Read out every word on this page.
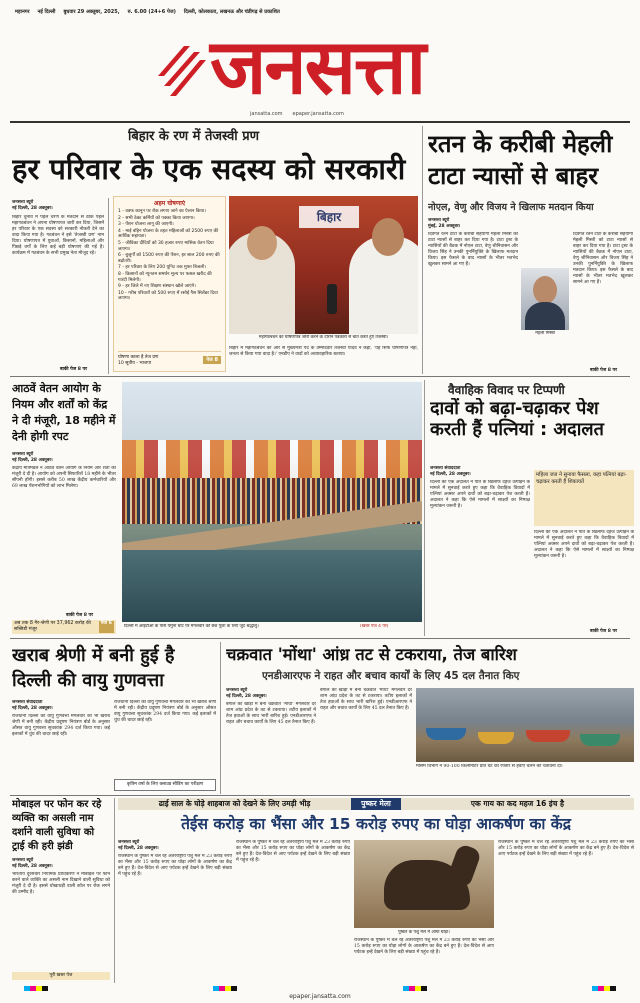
महानगर नई दिल्ली बुधवार 29 अक्तूबर, 2025, रु. 6.00 (24+6 पेज) दिल्ली, कोलकाता, लखनऊ और चंडीगढ़ से प्रकाशित
जनसत्ता
jansatta.com epaper.jansatta.com
बिहार के रण में तेजस्वी प्रण
हर परिवार के एक सदस्य को सरकारी
जनसत्ता ब्यूरो
नई दिल्ली, 28 अक्तूबर।

बिहार चुनाव में पहले चरण के मतदान से ठीक पहले महागठबंधन ने अपना घोषणापत्र जारी कर दिया, जिसमें हर परिवार के एक सदस्य को सरकारी नौकरी देने का वादा किया गया है। गठबंधन ने इसे 'तेजस्वी प्रण' नाम दिया। घोषणापत्र में युवाओं, किसानों, महिलाओं और पिछड़े वर्गों के लिए कई बड़ी घोषणाएं की गई हैं। कार्यक्रम में गठबंधन के सभी प्रमुख नेता मौजूद रहे।

बाकी पेज 8 पर
अहम घोषणाएं
1 - वक्फ कानून पर रोक लगाए जाने का ऐलान किया।
2 - सभी ठेका कर्मियों को पक्का किया जाएगा।
3 - पेंशन योजना लागू की जाएगी।
4 - माई बहिन योजना के तहत महिलाओं को 2500 रुपए की आर्थिक सहायता।
5 - जीविका दीदियों को 30 हजार रुपए मासिक वेतन दिया जाएगा।
6 - बुजुर्गों को 1500 रुपए की पेंशन, हर साल 200 रुपए की बढ़ोतरी।
7 - हर परिवार के लिए 200 यूनिट तक मुफ्त बिजली।
8 - किसानों को न्यूनतम समर्थन मूल्य पर फसल खरीद की गारंटी मिलेगी।
9 - हर जिले में नए शिक्षण संस्थान खोले जाएंगे।
10 - गरीब परिवारों को 500 रुपए में रसोई गैस सिलेंडर दिया जाएगा।
घोषणा काला है तेज प्रण
10 सूत्रीय - भाजपा
पेज 8
बिहार
महागठबंधन का घोषणापत्र जारी करने के दौरान पत्रकारों से बात करते हुए तेजस्वी।
बिहार में महागठबंधन की ओर से मुख्यमंत्री पद के उम्मीदवार तेजस्वी यादव ने कहा, 'यह सिर्फ घोषणापत्र नहीं, जनता से किया गया वादा है।' एनडीए ने वादों को अव्यावहारिक बताया।
रतन के करीबी मेहली टाटा न्यासों से बाहर
नोएल, वेणु और विजय ने खिलाफ मतदान किया
जनसत्ता ब्यूरो
मुंबई, 28 अक्तूबर।

दिवंगत रतन टाटा के करीबी सहयोगी मेहली मिस्त्री को टाटा न्यासों से बाहर कर दिया गया है। टाटा ट्रस्ट के न्यासियों की बैठक में नोएल टाटा, वेणु श्रीनिवासन और विजय सिंह ने उनकी पुनर्नियुक्ति के खिलाफ मतदान किया। इस फैसले के बाद न्यासों के भीतर मतभेद खुलकर सामने आ गए हैं।

मेहली मिस्त्री

दिवंगत रतन टाटा के करीबी सहयोगी मेहली मिस्त्री को टाटा न्यासों से बाहर कर दिया गया है। टाटा ट्रस्ट के न्यासियों की बैठक में नोएल टाटा, वेणु श्रीनिवासन और विजय सिंह ने उनकी पुनर्नियुक्ति के खिलाफ मतदान किया। इस फैसले के बाद न्यासों के भीतर मतभेद खुलकर सामने आ गए हैं।

बाकी पेज 8 पर
आठवें वेतन आयोग के नियम और शर्तों को केंद्र ने दी मंजूरी, 18 महीने में देनी होगी रपट
जनसत्ता ब्यूरो
नई दिल्ली, 28 अक्तूबर।

केंद्रीय मंत्रिमंडल ने आठवें वेतन आयोग के नियम और शर्तों को मंजूरी दे दी है। आयोग को अपनी सिफारिशें 18 महीने के भीतर सौंपनी होंगी। इससे करीब 50 लाख केंद्रीय कर्मचारियों और 69 लाख पेंशनभोगियों को लाभ मिलेगा।

बाकी पेज 8 पर
अब तक 8 गैर-श्रेणी पर 37,962 करोड़ की सब्सिडी मंजूर
पेज 6
दिल्ली में आईटीओ के पास यमुना घाट पर मंगलवार को छठ पूजा के लिए जुटे श्रद्धालु।	(खबर पेज 4 पर)
वैवाहिक विवाद पर टिप्पणी
दावों को बढ़ा-चढ़ाकर पेश करती हैं पत्नियां : अदालत
जनसत्ता संवाददाता
नई दिल्ली, 28 अक्तूबर।

दिल्ली की एक अदालत ने पति के खिलाफ दहेज उत्पीड़न के मामले में सुनवाई करते हुए कहा कि वैवाहिक विवादों में पत्नियां अक्सर अपने दावों को बढ़ा-चढ़ाकर पेश करती हैं। अदालत ने कहा कि ऐसे मामलों में साक्ष्यों का निष्पक्ष मूल्यांकन जरूरी है।

महिला जज ने सुनाया फैसला, कहा पत्नियां बढ़ा-चढ़ाकर करती हैं शिकायतें

दिल्ली की एक अदालत ने पति के खिलाफ दहेज उत्पीड़न के मामले में सुनवाई करते हुए कहा कि वैवाहिक विवादों में पत्नियां अक्सर अपने दावों को बढ़ा-चढ़ाकर पेश करती हैं। अदालत ने कहा कि ऐसे मामलों में साक्ष्यों का निष्पक्ष मूल्यांकन जरूरी है।

बाकी पेज 8 पर
खराब श्रेणी में बनी हुई है दिल्ली की वायु गुणवत्ता
जनसत्ता संवाददाता
नई दिल्ली, 28 अक्तूबर।

राजधानी दिल्ली की वायु गुणवत्ता मंगलवार को भी खराब श्रेणी में बनी रही। केंद्रीय प्रदूषण नियंत्रण बोर्ड के अनुसार औसत वायु गुणवत्ता सूचकांक 294 दर्ज किया गया। कई इलाकों में धुंध की चादर छाई रही।

राजधानी दिल्ली की वायु गुणवत्ता मंगलवार को भी खराब श्रेणी में बनी रही। केंद्रीय प्रदूषण नियंत्रण बोर्ड के अनुसार औसत वायु गुणवत्ता सूचकांक 294 दर्ज किया गया। कई इलाकों में धुंध की चादर छाई रही।

कृत्रिम वर्षा के लिए क्लाउड सीडिंग का परीक्षण
चक्रवात 'मोंथा' आंध्र तट से टकराया, तेज बारिश
एनडीआरएफ ने राहत और बचाव कार्यों के लिए 45 दल तैनात किए
जनसत्ता ब्यूरो
नई दिल्ली, 28 अक्तूबर।

बंगाल की खाड़ी में बना चक्रवात 'मोंथा' मंगलवार देर शाम आंध्र प्रदेश के तट से टकराया। तटीय इलाकों में तेज हवाओं के साथ भारी बारिश हुई। एनडीआरएफ ने राहत और बचाव कार्यों के लिए 45 दल तैनात किए हैं।

बंगाल की खाड़ी में बना चक्रवात 'मोंथा' मंगलवार देर शाम आंध्र प्रदेश के तट से टकराया। तटीय इलाकों में तेज हवाओं के साथ भारी बारिश हुई। एनडीआरएफ ने राहत और बचाव कार्यों के लिए 45 दल तैनात किए हैं।

मौसम विभाग ने 90-100 किलोमीटर प्रति घंटे की रफ्तार से हवाएं चलने की चेतावनी दी।
मोबाइल पर फोन कर रहे व्यक्ति का असली नाम दर्शाने वाली सुविधा को ट्राई की हरी झंडी
जनसत्ता ब्यूरो
नई दिल्ली, 28 अक्तूबर।

भारतीय दूरसंचार नियामक प्राधिकरण ने मोबाइल पर फोन करने वाले व्यक्ति का असली नाम दिखाने वाली सुविधा को मंजूरी दे दी है। इससे धोखाधड़ी वाली कॉल पर रोक लगने की उम्मीद है।

पूरी खबर पेज
ढाई साल के घोड़े शाहबाज को देखने के लिए उमड़ी भीड़	पुष्कर मेला	एक गाय का कद महज 16 इंच है
तेईस करोड़ का भैंसा और 15 करोड़ रुपए का घोड़ा आकर्षण का केंद्र
जनसत्ता ब्यूरो
नई दिल्ली, 28 अक्तूबर।

राजस्थान के पुष्कर में चल रहे अंतरराष्ट्रीय पशु मेले में 23 करोड़ रुपए का भैंसा और 15 करोड़ रुपए का घोड़ा लोगों के आकर्षण का केंद्र बने हुए हैं। देश-विदेश से आए पर्यटक इन्हें देखने के लिए बड़ी संख्या में पहुंच रहे हैं।

राजस्थान के पुष्कर में चल रहे अंतरराष्ट्रीय पशु मेले में 23 करोड़ रुपए का भैंसा और 15 करोड़ रुपए का घोड़ा लोगों के आकर्षण का केंद्र बने हुए हैं। देश-विदेश से आए पर्यटक इन्हें देखने के लिए बड़ी संख्या में पहुंच रहे हैं।

पुष्कर के पशु मेले में आया घोड़ा।

राजस्थान के पुष्कर में चल रहे अंतरराष्ट्रीय पशु मेले में 23 करोड़ रुपए का भैंसा और 15 करोड़ रुपए का घोड़ा लोगों के आकर्षण का केंद्र बने हुए हैं। देश-विदेश से आए पर्यटक इन्हें देखने के लिए बड़ी संख्या में पहुंच रहे हैं।

राजस्थान के पुष्कर में चल रहे अंतरराष्ट्रीय पशु मेले में 23 करोड़ रुपए का भैंसा और 15 करोड़ रुपए का घोड़ा लोगों के आकर्षण का केंद्र बने हुए हैं। देश-विदेश से आए पर्यटक इन्हें देखने के लिए बड़ी संख्या में पहुंच रहे हैं।

epaper.jansatta.com
